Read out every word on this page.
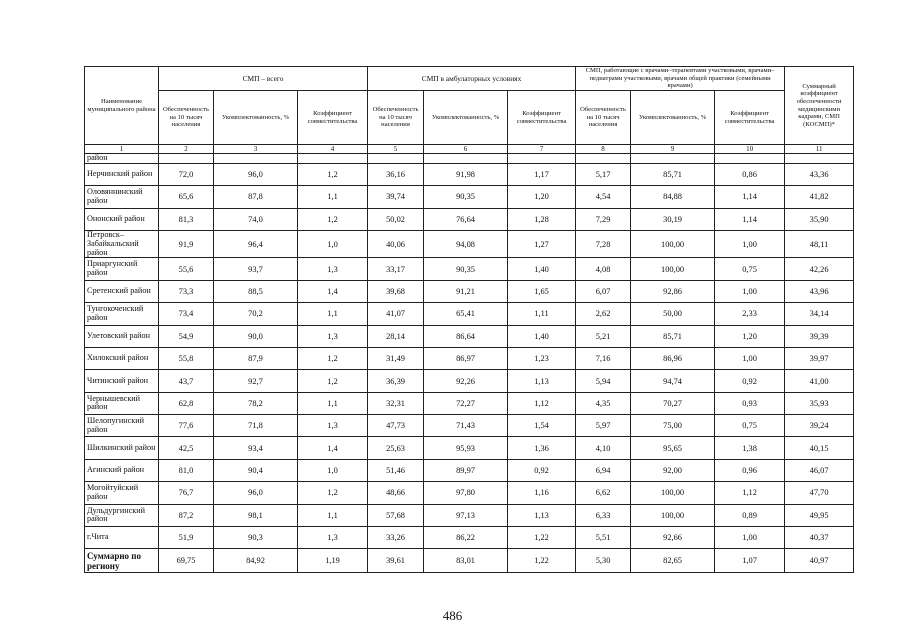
Наименование муниципального района	СМП – всего			СМП в амбулаторных условиях			СМП, работающие с врачами–терапевтами участковыми, врачами–педиатрами участковыми, врачами общей практики (семейными врачами)			Суммарный коэффициент обеспеченности медицинскими кадрами, СМП (КОСМП)*
	Обеспеченность на 10 тысяч населения	Укомплектованность, %	Коэффициент совместительства	Обеспеченность на 10 тысяч населения	Укомплектованность, %	Коэффициент совместительства	Обеспеченность на 10 тысяч населения	Укомплектованность, %	Коэффициент совместительства	
1	2	3	4	5	6	7	8	9	10	11
район										
Нерчинский район	72,0	96,0	1,2	36,16	91,98	1,17	5,17	85,71	0,86	43,36
Оловяннинский район	65,6	87,8	1,1	39,74	90,35	1,20	4,54	84,88	1,14	41,82
Ононский район	81,3	74,0	1,2	50,02	76,64	1,28	7,29	30,19	1,14	35,90
Петровск–Забайкальский район	91,9	96,4	1,0	40,06	94,08	1,27	7,28	100,00	1,00	48,11
Приаргунский район	55,6	93,7	1,3	33,17	90,35	1,40	4,08	100,00	0,75	42,26
Сретенский район	73,3	88,5	1,4	39,68	91,21	1,65	6,07	92,86	1,00	43,96
Тунгокоченский район	73,4	70,2	1,1	41,07	65,41	1,11	2,62	50,00	2,33	34,14
Улетовский район	54,9	90,0	1,3	28,14	86,64	1,40	5,21	85,71	1,20	39,39
Хилокский район	55,8	87,9	1,2	31,49	86,97	1,23	7,16	86,96	1,00	39,97
Читинский район	43,7	92,7	1,2	36,39	92,26	1,13	5,94	94,74	0,92	41,00
Чернышевский район	62,8	78,2	1,1	32,31	72,27	1,12	4,35	70,27	0,93	35,93
Шелопугинский район	77,6	71,8	1,3	47,73	71,43	1,54	5,97	75,00	0,75	39,24
Шилкинский район	42,5	93,4	1,4	25,63	95,93	1,36	4,10	95,65	1,38	40,15
Агинский район	81,0	90,4	1,0	51,46	89,97	0,92	6,94	92,00	0,96	46,07
Могойтуйский район	76,7	96,0	1,2	48,66	97,80	1,16	6,62	100,00	1,12	47,70
Дульдургинский район	87,2	98,1	1,1	57,68	97,13	1,13	6,33	100,00	0,89	49,95
г.Чита	51,9	90,3	1,3	33,26	86,22	1,22	5,51	92,66	1,00	40,37
Суммарно по региону	69,75	84,92	1,19	39,61	83,01	1,22	5,30	82,65	1,07	40,97
486
